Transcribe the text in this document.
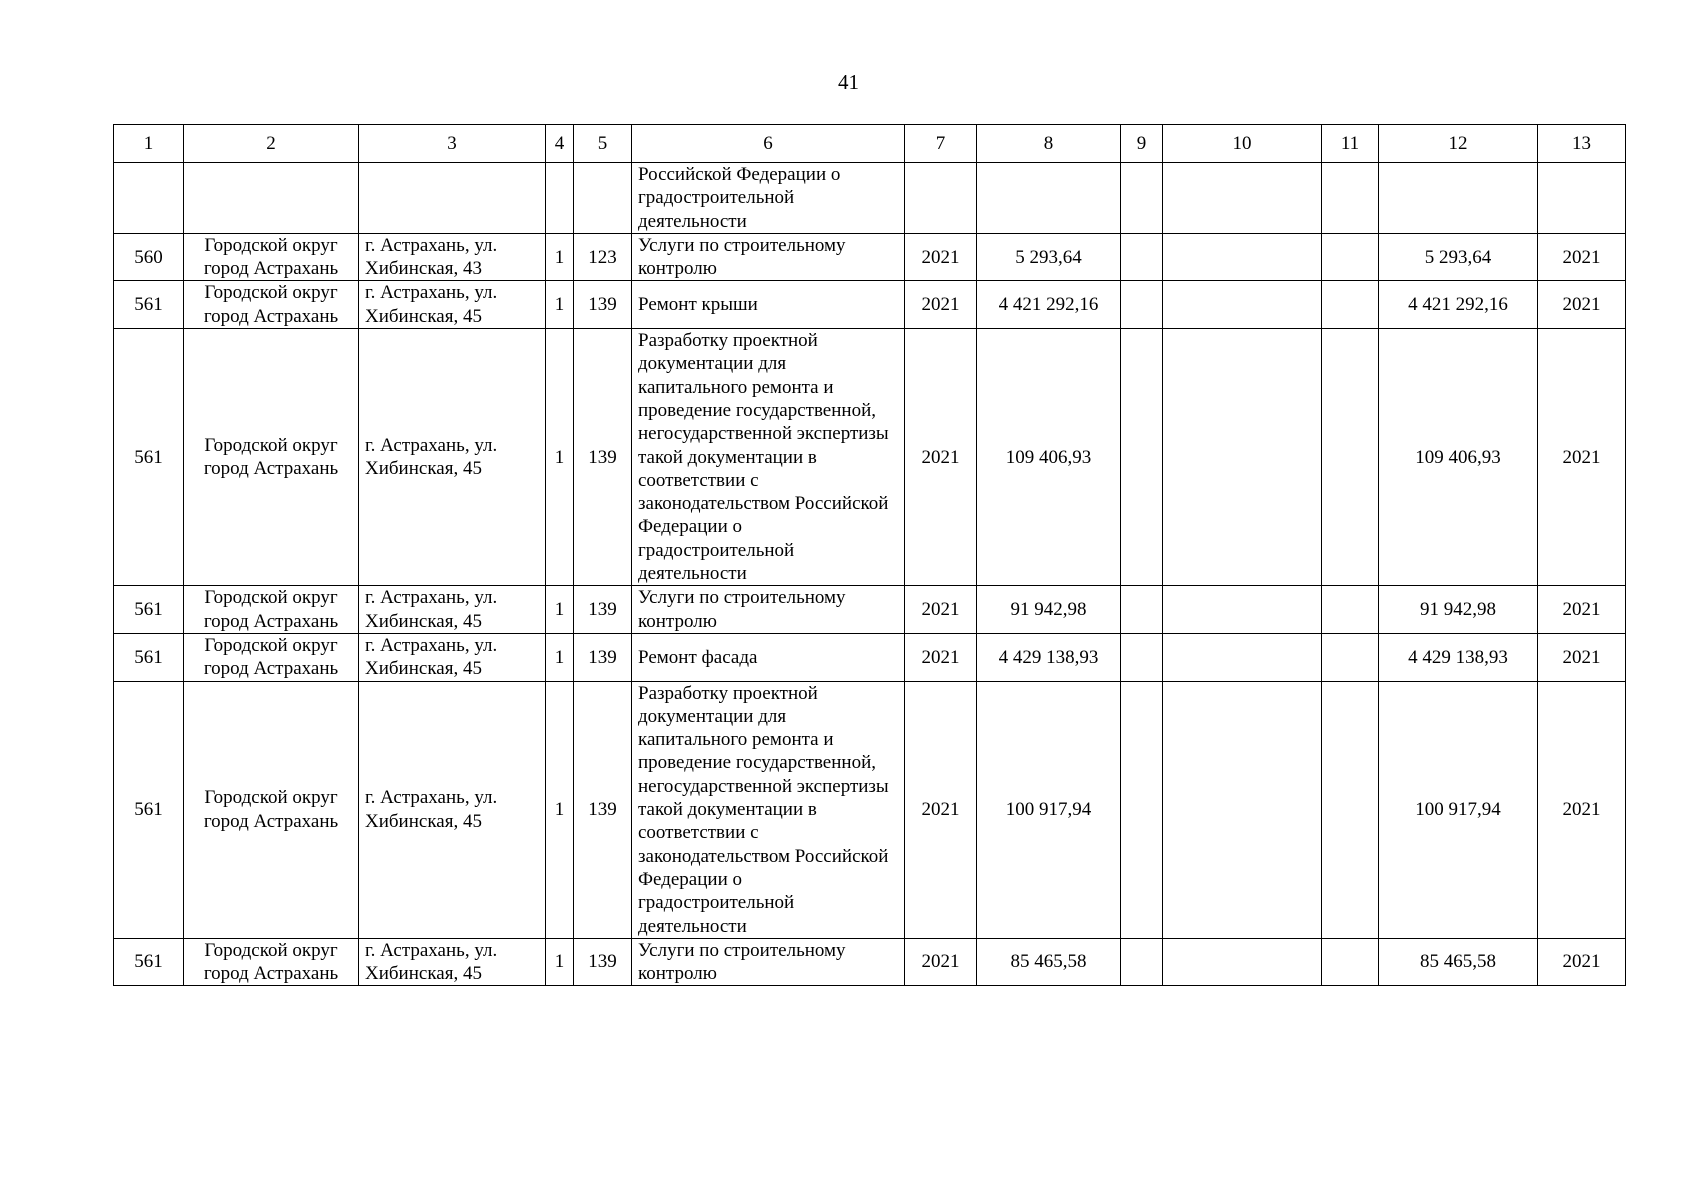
41
1	2	3	4	5	6	7	8	9	10	11	12	13
					Российской Федерации о градостроительной деятельности							
560	Городской округ город Астрахань	г. Астрахань, ул. Хибинская, 43	1	123	Услуги по строительному контролю	2021	5 293,64				5 293,64	2021
561	Городской округ город Астрахань	г. Астрахань, ул. Хибинская, 45	1	139	Ремонт крыши	2021	4 421 292,16				4 421 292,16	2021
561	Городской округ город Астрахань	г. Астрахань, ул. Хибинская, 45	1	139	Разработку проектной документации для капитального ремонта и проведение государственной, негосударственной экспертизы такой документации в соответствии с законодательством Российской Федерации о градостроительной деятельности	2021	109 406,93				109 406,93	2021
561	Городской округ город Астрахань	г. Астрахань, ул. Хибинская, 45	1	139	Услуги по строительному контролю	2021	91 942,98				91 942,98	2021
561	Городской округ город Астрахань	г. Астрахань, ул. Хибинская, 45	1	139	Ремонт фасада	2021	4 429 138,93				4 429 138,93	2021
561	Городской округ город Астрахань	г. Астрахань, ул. Хибинская, 45	1	139	Разработку проектной документации для капитального ремонта и проведение государственной, негосударственной экспертизы такой документации в соответствии с законодательством Российской Федерации о градостроительной деятельности	2021	100 917,94				100 917,94	2021
561	Городской округ город Астрахань	г. Астрахань, ул. Хибинская, 45	1	139	Услуги по строительному контролю	2021	85 465,58				85 465,58	2021
